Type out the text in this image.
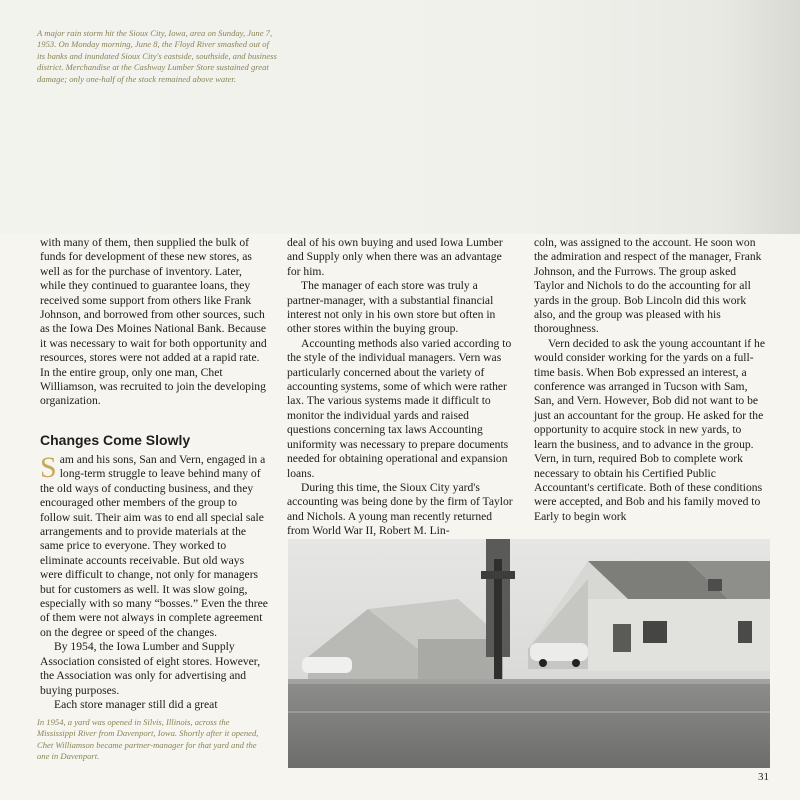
A major rain storm hit the Sioux City, Iowa, area on Sunday, June 7, 1953. On Monday morning, June 8, the Floyd River smashed out of its banks and inundated Sioux City's eastside, southside, and business district. Merchandise at the Cashway Lumber Store sustained great damage; only one-half of the stock remained above water.

with many of them, then supplied the bulk of funds for development of these new stores, as well as for the purchase of inventory. Later, while they continued to guarantee loans, they received some support from others like Frank Johnson, and borrowed from other sources, such as the Iowa Des Moines National Bank. Because it was necessary to wait for both opportunity and resources, stores were not added at a rapid rate. In the entire group, only one man, Chet Williamson, was recruited to join the developing organization.

Changes Come Slowly

Sam and his sons, San and Vern, engaged in a long-term struggle to leave behind many of the old ways of conducting business, and they encouraged other members of the group to follow suit. Their aim was to end all special sale arrangements and to provide materials at the same price to everyone. They worked to eliminate accounts receivable. But old ways were difficult to change, not only for managers but for customers as well. It was slow going, especially with so many “bosses.” Even the three of them were not always in complete agreement on the degree or speed of the changes.

By 1954, the Iowa Lumber and Supply Association consisted of eight stores. However, the Association was only for advertising and buying purposes.

Each store manager still did a great

In 1954, a yard was opened in Silvis, Illinois, across the Mississippi River from Davenport, Iowa. Shortly after it opened, Chet Williamson became partner-manager for that yard and the one in Davenport.

deal of his own buying and used Iowa Lumber and Supply only when there was an advantage for him.

The manager of each store was truly a partner-manager, with a substantial financial interest not only in his own store but often in other stores within the buying group.

Accounting methods also varied according to the style of the individual managers. Vern was particularly concerned about the variety of accounting systems, some of which were rather lax. The various systems made it difficult to monitor the individual yards and raised questions concerning tax laws Accounting uniformity was necessary to prepare documents needed for obtaining operational and expansion loans.

During this time, the Sioux City yard's accounting was being done by the firm of Taylor and Nichols. A young man recently returned from World War II, Robert M. Lin-

coln, was assigned to the account. He soon won the admiration and respect of the manager, Frank Johnson, and the Furrows. The group asked Taylor and Nichols to do the accounting for all yards in the group. Bob Lincoln did this work also, and the group was pleased with his thoroughness.

Vern decided to ask the young accountant if he would consider working for the yards on a full-time basis. When Bob expressed an interest, a conference was arranged in Tucson with Sam, San, and Vern. However, Bob did not want to be just an accountant for the group. He asked for the opportunity to acquire stock in new yards, to learn the business, and to advance in the group. Vern, in turn, required Bob to complete work necessary to obtain his Certified Public Accountant's certificate. Both of these conditions were accepted, and Bob and his family moved to Early to begin work

31
